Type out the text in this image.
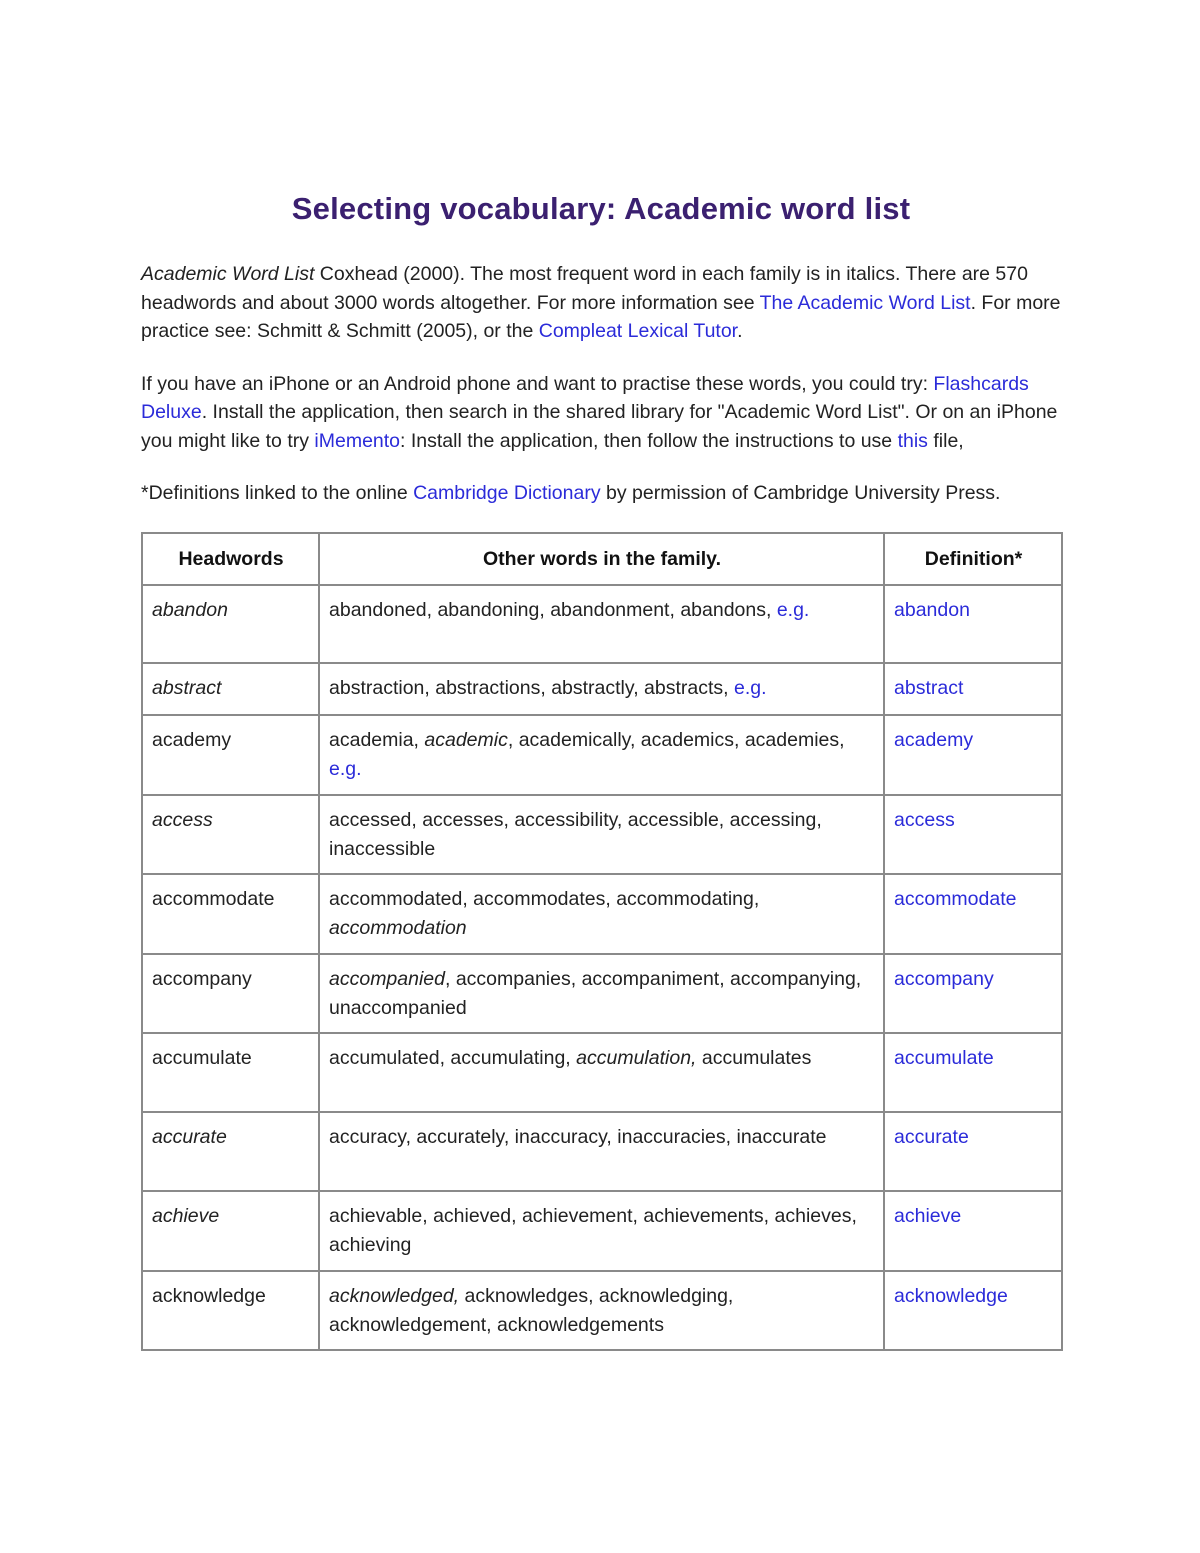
Selecting vocabulary: Academic word list

Academic Word List Coxhead (2000). The most frequent word in each family is in italics. There are 570 headwords and about 3000 words altogether. For more information see The Academic Word List. For more practice see: Schmitt & Schmitt (2005), or the Compleat Lexical Tutor.

If you have an iPhone or an Android phone and want to practise these words, you could try: Flashcards Deluxe. Install the application, then search in the shared library for "Academic Word List". Or on an iPhone you might like to try iMemento: Install the application, then follow the instructions to use this file,

*Definitions linked to the online Cambridge Dictionary by permission of Cambridge University Press.

Headwords	Other words in the family.	Definition*
abandon	abandoned, abandoning, abandonment, abandons, e.g.	abandon
abstract	abstraction, abstractions, abstractly, abstracts, e.g.	abstract
academy	academia, academic, academically, academics, academies, e.g.	academy
access	accessed, accesses, accessibility, accessible, accessing, inaccessible	access
accommodate	accommodated, accommodates, accommodating, accommodation	accommodate
accompany	accompanied, accompanies, accompaniment, accompanying, unaccompanied	accompany
accumulate	accumulated, accumulating, accumulation, accumulates	accumulate
accurate	accuracy, accurately, inaccuracy, inaccuracies, inaccurate	accurate
achieve	achievable, achieved, achievement, achievements, achieves, achieving	achieve
acknowledge	acknowledged, acknowledges, acknowledging, acknowledgement, acknowledgements	acknowledge
